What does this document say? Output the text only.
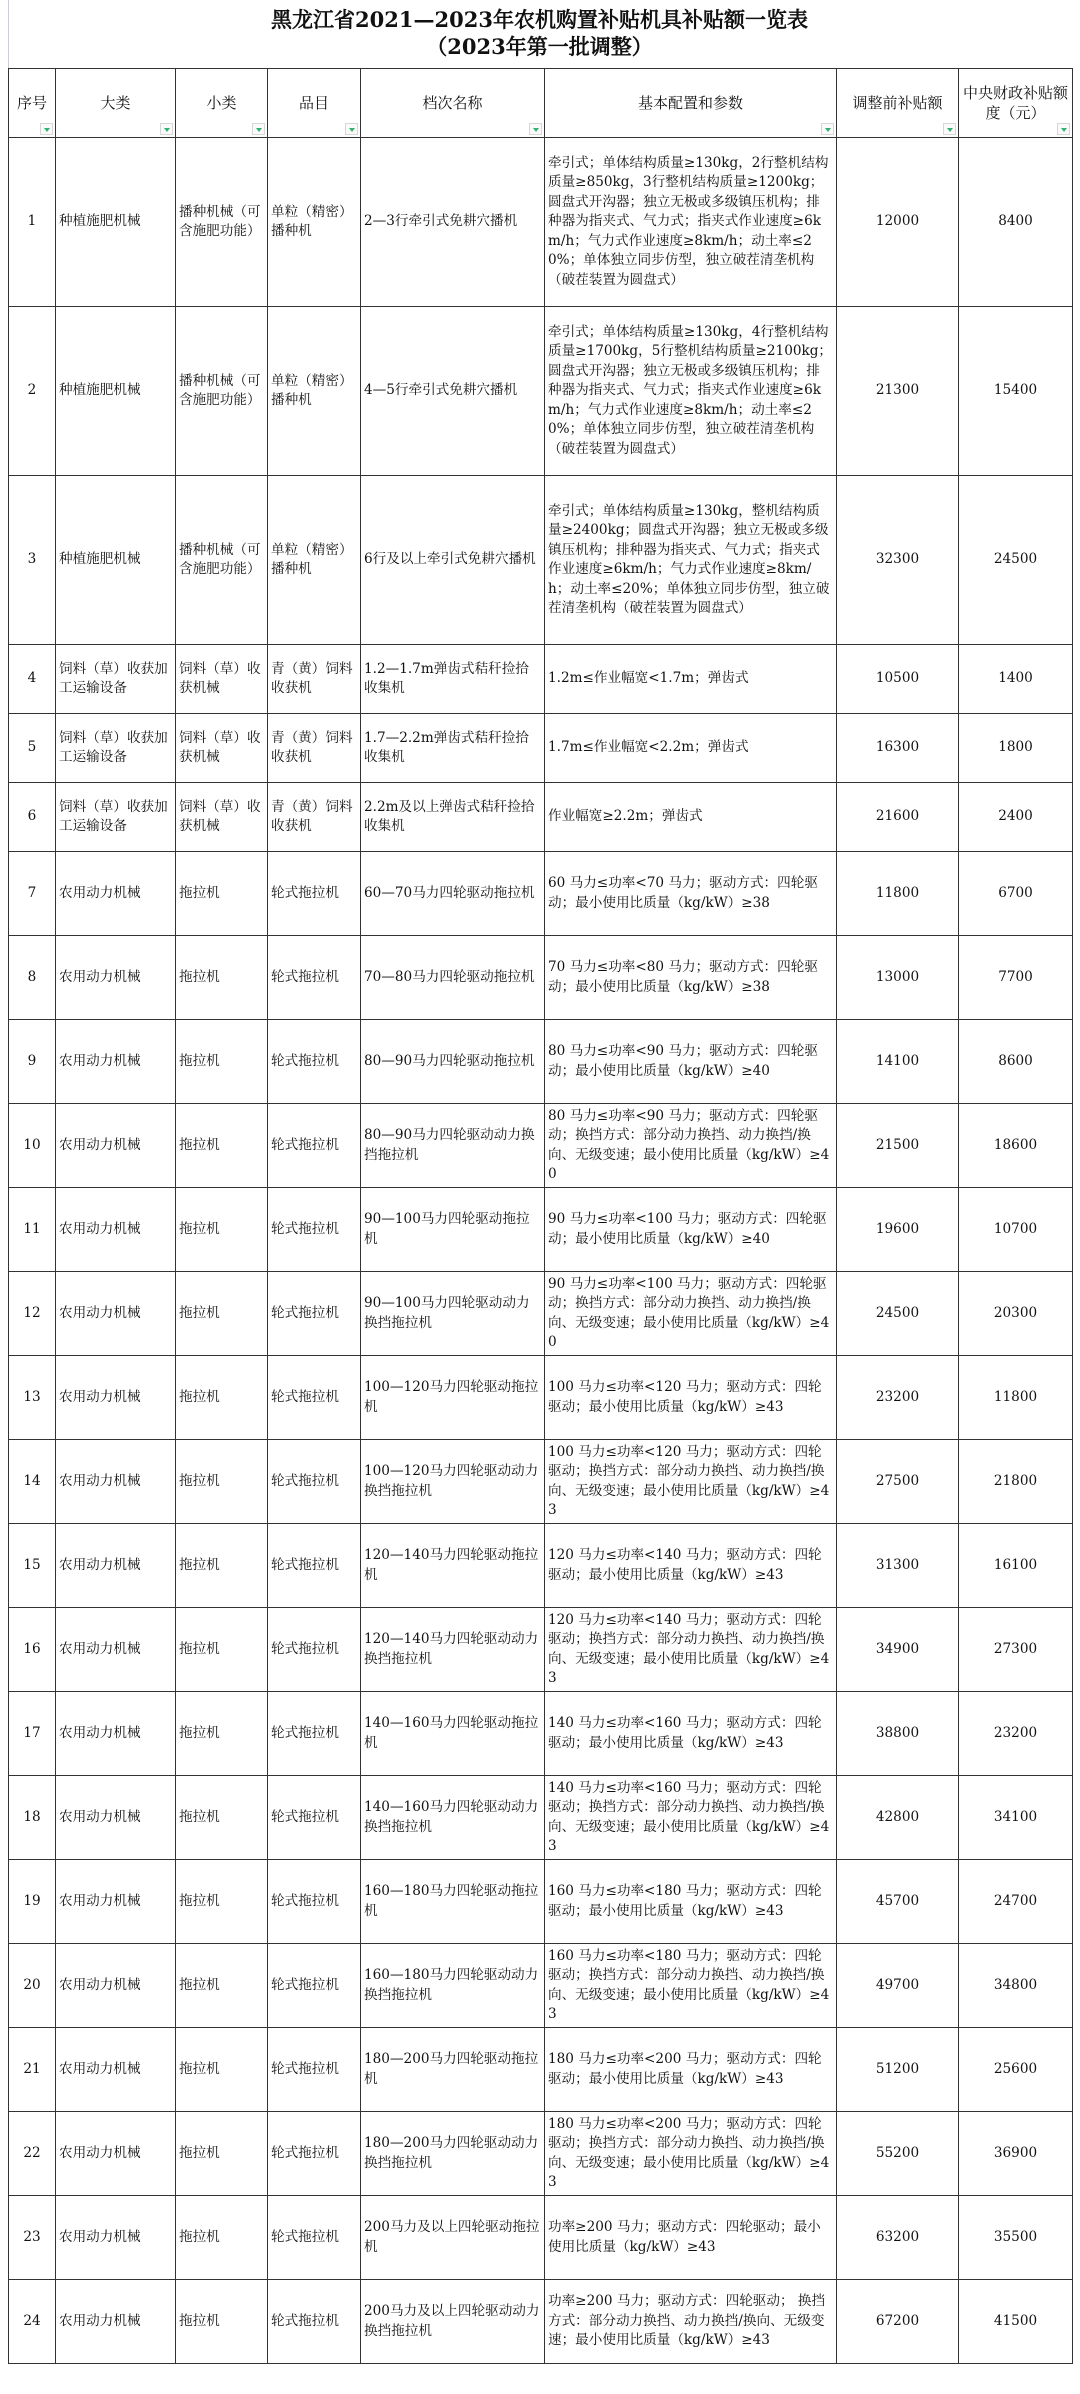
黑龙江省2021—2023年农机购置补贴机具补贴额一览表
（2023年第一批调整）
序号	大类	小类	品目	档次名称	基本配置和参数	调整前补贴额	中央财政补贴额度（元）

1	种植施肥机械	播种机械（可含施肥功能）	单粒（精密）播种机	2—3行牵引式免耕穴播机	牵引式；单体结构质量≥130kg，2行整机结构质量≥850kg，3行整机结构质量≥1200kg；圆盘式开沟器；独立无极或多级镇压机构；排种器为指夹式、气力式；指夹式作业速度≥6km/h；气力式作业速度≥8km/h；动土率≤20%；单体独立同步仿型，独立破茬清垄机构（破茬装置为圆盘式）	12000	8400
2	种植施肥机械	播种机械（可含施肥功能）	单粒（精密）播种机	4—5行牵引式免耕穴播机	牵引式；单体结构质量≥130kg，4行整机结构质量≥1700kg，5行整机结构质量≥2100kg；圆盘式开沟器；独立无极或多级镇压机构；排种器为指夹式、气力式；指夹式作业速度≥6km/h；气力式作业速度≥8km/h；动土率≤20%；单体独立同步仿型，独立破茬清垄机构（破茬装置为圆盘式）	21300	15400
3	种植施肥机械	播种机械（可含施肥功能）	单粒（精密）播种机	6行及以上牵引式免耕穴播机	牵引式；单体结构质量≥130kg，整机结构质量≥2400kg；圆盘式开沟器；独立无极或多级镇压机构；排种器为指夹式、气力式；指夹式作业速度≥6km/h；气力式作业速度≥8km/h；动土率≤20%；单体独立同步仿型，独立破茬清垄机构（破茬装置为圆盘式）	32300	24500
4	饲料（草）收获加工运输设备	饲料（草）收获机械	青（黄）饲料收获机	1.2—1.7m弹齿式秸秆捡拾收集机	1.2m≤作业幅宽<1.7m；弹齿式	10500	1400
5	饲料（草）收获加工运输设备	饲料（草）收获机械	青（黄）饲料收获机	1.7—2.2m弹齿式秸秆捡拾收集机	1.7m≤作业幅宽<2.2m；弹齿式	16300	1800
6	饲料（草）收获加工运输设备	饲料（草）收获机械	青（黄）饲料收获机	2.2m及以上弹齿式秸秆捡拾收集机	作业幅宽≥2.2m；弹齿式	21600	2400
7	农用动力机械	拖拉机	轮式拖拉机	60—70马力四轮驱动拖拉机	60 马力≤功率<70 马力；驱动方式：四轮驱动；最小使用比质量（kg/kW）≥38	11800	6700
8	农用动力机械	拖拉机	轮式拖拉机	70—80马力四轮驱动拖拉机	70 马力≤功率<80 马力；驱动方式：四轮驱动；最小使用比质量（kg/kW）≥38	13000	7700
9	农用动力机械	拖拉机	轮式拖拉机	80—90马力四轮驱动拖拉机	80 马力≤功率<90 马力；驱动方式：四轮驱动；最小使用比质量（kg/kW）≥40	14100	8600
10	农用动力机械	拖拉机	轮式拖拉机	80—90马力四轮驱动动力换挡拖拉机	80 马力≤功率<90 马力；驱动方式：四轮驱动；换挡方式：部分动力换挡、动力换挡/换向、无级变速；最小使用比质量（kg/kW）≥40	21500	18600
11	农用动力机械	拖拉机	轮式拖拉机	90—100马力四轮驱动拖拉机	90 马力≤功率<100 马力；驱动方式：四轮驱动；最小使用比质量（kg/kW）≥40	19600	10700
12	农用动力机械	拖拉机	轮式拖拉机	90—100马力四轮驱动动力换挡拖拉机	90 马力≤功率<100 马力；驱动方式：四轮驱动；换挡方式：部分动力换挡、动力换挡/换向、无级变速；最小使用比质量（kg/kW）≥40	24500	20300
13	农用动力机械	拖拉机	轮式拖拉机	100—120马力四轮驱动拖拉机	100 马力≤功率<120 马力；驱动方式：四轮驱动；最小使用比质量（kg/kW）≥43	23200	11800
14	农用动力机械	拖拉机	轮式拖拉机	100—120马力四轮驱动动力换挡拖拉机	100 马力≤功率<120 马力；驱动方式：四轮驱动；换挡方式：部分动力换挡、动力换挡/换向、无级变速；最小使用比质量（kg/kW）≥43	27500	21800
15	农用动力机械	拖拉机	轮式拖拉机	120—140马力四轮驱动拖拉机	120 马力≤功率<140 马力；驱动方式：四轮驱动；最小使用比质量（kg/kW）≥43	31300	16100
16	农用动力机械	拖拉机	轮式拖拉机	120—140马力四轮驱动动力换挡拖拉机	120 马力≤功率<140 马力；驱动方式：四轮驱动；换挡方式：部分动力换挡、动力换挡/换向、无级变速；最小使用比质量（kg/kW）≥43	34900	27300
17	农用动力机械	拖拉机	轮式拖拉机	140—160马力四轮驱动拖拉机	140 马力≤功率<160 马力；驱动方式：四轮驱动；最小使用比质量（kg/kW）≥43	38800	23200
18	农用动力机械	拖拉机	轮式拖拉机	140—160马力四轮驱动动力换挡拖拉机	140 马力≤功率<160 马力；驱动方式：四轮驱动；换挡方式：部分动力换挡、动力换挡/换向、无级变速；最小使用比质量（kg/kW）≥43	42800	34100
19	农用动力机械	拖拉机	轮式拖拉机	160—180马力四轮驱动拖拉机	160 马力≤功率<180 马力；驱动方式：四轮驱动；最小使用比质量（kg/kW）≥43	45700	24700
20	农用动力机械	拖拉机	轮式拖拉机	160—180马力四轮驱动动力换挡拖拉机	160 马力≤功率<180 马力；驱动方式：四轮驱动；换挡方式：部分动力换挡、动力换挡/换向、无级变速；最小使用比质量（kg/kW）≥43	49700	34800
21	农用动力机械	拖拉机	轮式拖拉机	180—200马力四轮驱动拖拉机	180 马力≤功率<200 马力；驱动方式：四轮驱动；最小使用比质量（kg/kW）≥43	51200	25600
22	农用动力机械	拖拉机	轮式拖拉机	180—200马力四轮驱动动力换挡拖拉机	180 马力≤功率<200 马力；驱动方式：四轮驱动；换挡方式：部分动力换挡、动力换挡/换向、无级变速；最小使用比质量（kg/kW）≥43	55200	36900
23	农用动力机械	拖拉机	轮式拖拉机	200马力及以上四轮驱动拖拉机	功率≥200 马力；驱动方式：四轮驱动；最小使用比质量（kg/kW）≥43	63200	35500
24	农用动力机械	拖拉机	轮式拖拉机	200马力及以上四轮驱动动力换挡拖拉机	功率≥200 马力；驱动方式：四轮驱动； 换挡方式：部分动力换挡、动力换挡/换向、无级变速；最小使用比质量（kg/kW）≥43	67200	41500
